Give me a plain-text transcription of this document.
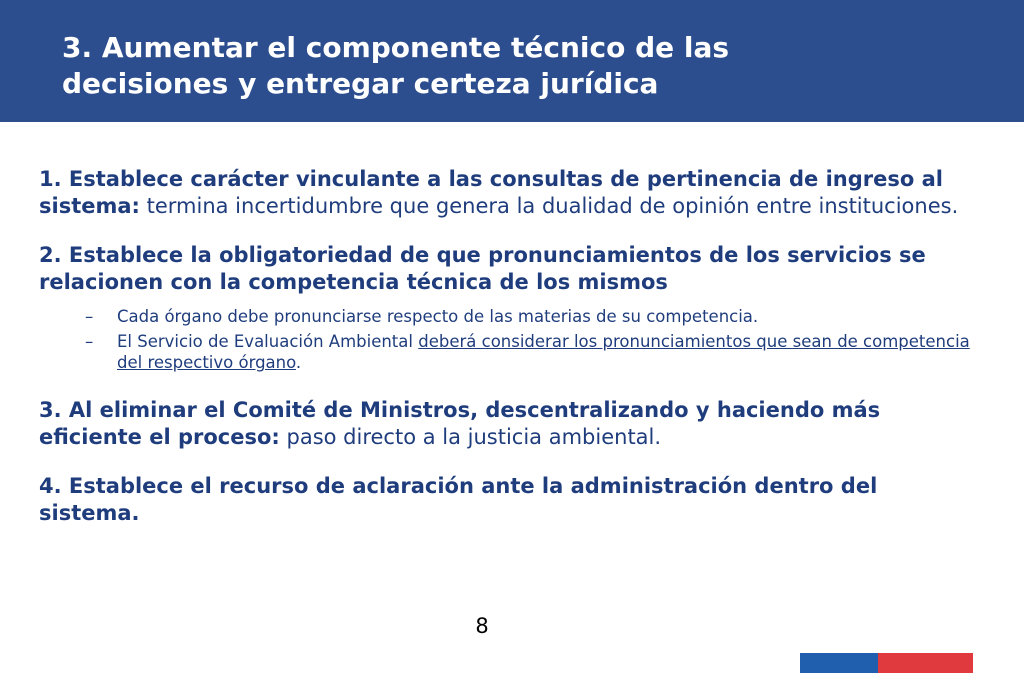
3. Aumentar el componente técnico de las
decisiones y entregar certeza jurídica

1. Establece carácter vinculante a las consultas de pertinencia de ingreso al sistema: termina incertidumbre que genera la dualidad de opinión entre instituciones.

2. Establece la obligatoriedad de que pronunciamientos de los servicios se relacionen con la competencia técnica de los mismos

– Cada órgano debe pronunciarse respecto de las materias de su competencia.
– El Servicio de Evaluación Ambiental deberá considerar los pronunciamientos que sean de competencia del respectivo órgano.

3. Al eliminar el Comité de Ministros, descentralizando y haciendo más eficiente el proceso: paso directo a la justicia ambiental.

4. Establece el recurso de aclaración ante la administración dentro del sistema.

8
